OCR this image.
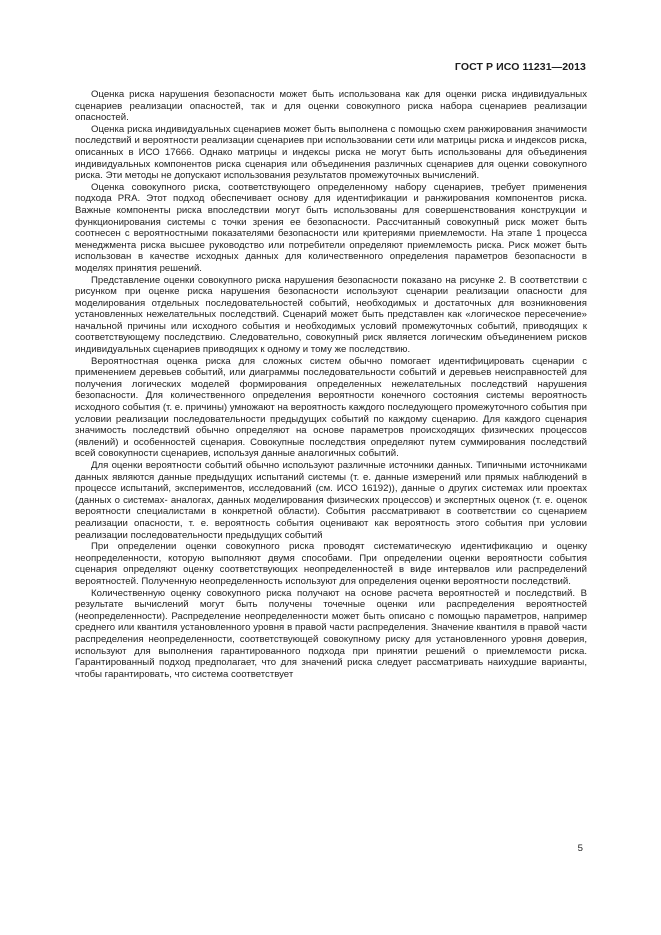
ГОСТ Р ИСО 11231—2013

Оценка риска нарушения безопасности может быть использована как для оценки риска индивидуальных сценариев реализации опасностей, так и для оценки совокупного риска набора сценариев реализации опасностей.

Оценка риска индивидуальных сценариев может быть выполнена с помощью схем ранжирования значимости последствий и вероятности реализации сценариев при использовании сети или матрицы риска и индексов риска, описанных в ИСО 17666. Однако матрицы и индексы риска не могут быть использованы для объединения индивидуальных компонентов риска сценария или объединения различных сценариев для оценки совокупного риска. Эти методы не допускают использования результатов промежуточных вычислений.

Оценка совокупного риска, соответствующего определенному набору сценариев, требует применения подхода PRA. Этот подход обеспечивает основу для идентификации и ранжирования компонентов риска. Важные компоненты риска впоследствии могут быть использованы для совершенствования конструкции и функционирования системы с точки зрения ее безопасности. Рассчитанный совокупный риск может быть соотнесен с вероятностными показателями безопасности или критериями приемлемости. На этапе 1 процесса менеджмента риска высшее руководство или потребители определяют приемлемость риска. Риск может быть использован в качестве исходных данных для количественного определения параметров безопасности в моделях принятия решений.

Представление оценки совокупного риска нарушения безопасности показано на рисунке 2. В соответствии с рисунком при оценке риска нарушения безопасности используют сценарии реализации опасности для моделирования отдельных последовательностей событий, необходимых и достаточных для возникновения установленных нежелательных последствий. Сценарий может быть представлен как «логическое пересечение» начальной причины или исходного события и необходимых условий промежуточных событий, приводящих к соответствующему последствию. Следовательно, совокупный риск является логическим объединением рисков индивидуальных сценариев приводящих к одному и тому же последствию.

Вероятностная оценка риска для сложных систем обычно помогает идентифицировать сценарии с применением деревьев событий, или диаграммы последовательности событий и деревьев неисправностей для получения логических моделей формирования определенных нежелательных последствий нарушения безопасности. Для количественного определения вероятности конечного состояния системы вероятность исходного события (т. е. причины) умножают на вероятность каждого последующего промежуточного события при условии реализации последовательности предыдущих событий по каждому сценарию. Для каждого сценария значимость последствий обычно определяют на основе параметров происходящих физических процессов (явлений) и особенностей сценария. Совокупные последствия определяют путем суммирования последствий всей совокупности сценариев, используя данные аналогичных событий.

Для оценки вероятности событий обычно используют различные источники данных. Типичными источниками данных являются данные предыдущих испытаний системы (т. е. данные измерений или прямых наблюдений в процессе испытаний, экспериментов, исследований (см. ИСО 16192)), данные о других системах или проектах (данных о системах- аналогах, данных моделирования физических процессов) и экспертных оценок (т. е. оценок вероятности специалистами в конкретной области). События рассматривают в соответствии со сценарием реализации опасности, т. е. вероятность события оценивают как вероятность этого события при условии реализации последовательности предыдущих событий

При определении оценки совокупного риска проводят систематическую идентификацию и оценку неопределенности, которую выполняют двумя способами. При определении оценки вероятности события сценария определяют оценку соответствующих неопределенностей в виде интервалов или распределений вероятностей. Полученную неопределенность используют для определения оценки вероятности последствий.

Количественную оценку совокупного риска получают на основе расчета вероятностей и последствий. В результате вычислений могут быть получены точечные оценки или распределения вероятностей (неопределенности). Распределение неопределенности может быть описано с помощью параметров, например среднего или квантиля установленного уровня в правой части распределения. Значение квантиля в правой части распределения неопределенности, соответствующей совокупному риску для установленного уровня доверия, используют для выполнения гарантированного подхода при принятии решений о приемлемости риска. Гарантированный подход предполагает, что для значений риска следует рассматривать наихудшие варианты, чтобы гарантировать, что система соответствует

5
